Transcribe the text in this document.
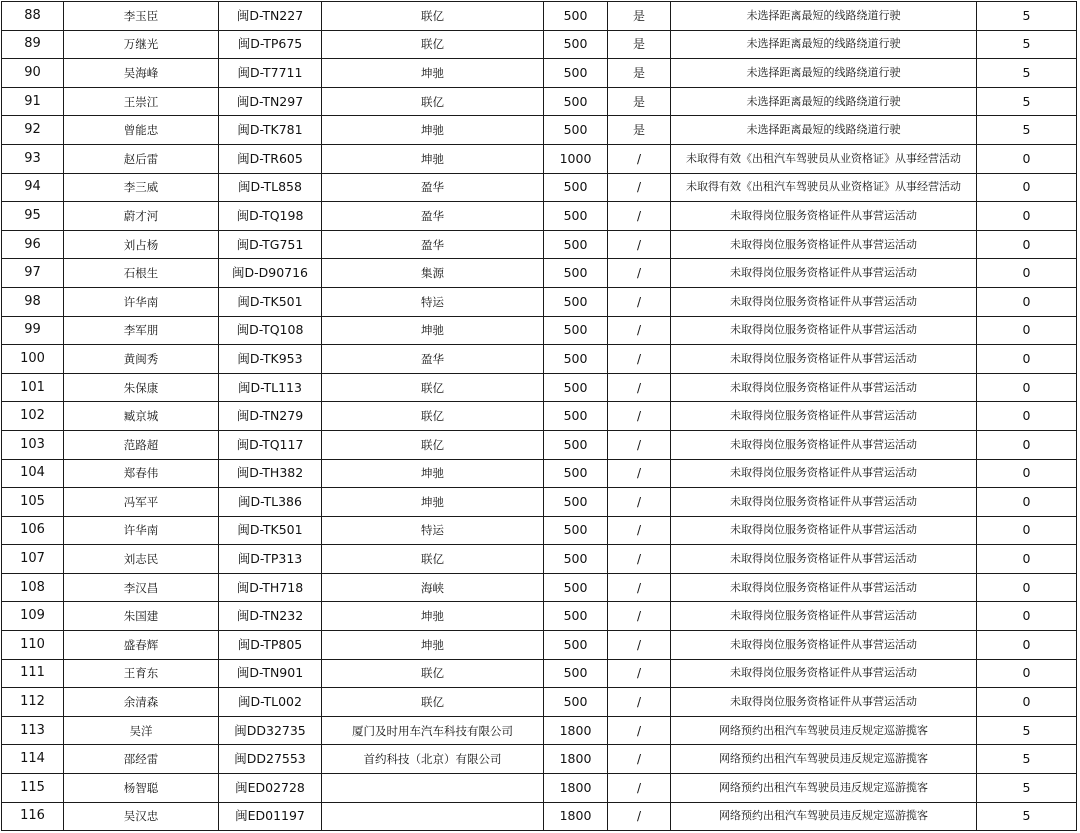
88	李玉臣	闽D-TN227	联亿	500	是	未选择距离最短的线路绕道行驶	5
89	万继光	闽D-TP675	联亿	500	是	未选择距离最短的线路绕道行驶	5
90	吴海峰	闽D-T7711	坤驰	500	是	未选择距离最短的线路绕道行驶	5
91	王崇江	闽D-TN297	联亿	500	是	未选择距离最短的线路绕道行驶	5
92	曾能忠	闽D-TK781	坤驰	500	是	未选择距离最短的线路绕道行驶	5
93	赵后雷	闽D-TR605	坤驰	1000	/	未取得有效《出租汽车驾驶员从业资格证》从事经营活动	0
94	李三威	闽D-TL858	盈华	500	/	未取得有效《出租汽车驾驶员从业资格证》从事经营活动	0
95	蔚才河	闽D-TQ198	盈华	500	/	未取得岗位服务资格证件从事营运活动	0
96	刘占杨	闽D-TG751	盈华	500	/	未取得岗位服务资格证件从事营运活动	0
97	石根生	闽D-D90716	集源	500	/	未取得岗位服务资格证件从事营运活动	0
98	许华南	闽D-TK501	特运	500	/	未取得岗位服务资格证件从事营运活动	0
99	李军朋	闽D-TQ108	坤驰	500	/	未取得岗位服务资格证件从事营运活动	0
100	黄闽秀	闽D-TK953	盈华	500	/	未取得岗位服务资格证件从事营运活动	0
101	朱保康	闽D-TL113	联亿	500	/	未取得岗位服务资格证件从事营运活动	0
102	臧京城	闽D-TN279	联亿	500	/	未取得岗位服务资格证件从事营运活动	0
103	范路超	闽D-TQ117	联亿	500	/	未取得岗位服务资格证件从事营运活动	0
104	郑春伟	闽D-TH382	坤驰	500	/	未取得岗位服务资格证件从事营运活动	0
105	冯军平	闽D-TL386	坤驰	500	/	未取得岗位服务资格证件从事营运活动	0
106	许华南	闽D-TK501	特运	500	/	未取得岗位服务资格证件从事营运活动	0
107	刘志民	闽D-TP313	联亿	500	/	未取得岗位服务资格证件从事营运活动	0
108	李汉昌	闽D-TH718	海峡	500	/	未取得岗位服务资格证件从事营运活动	0
109	朱国建	闽D-TN232	坤驰	500	/	未取得岗位服务资格证件从事营运活动	0
110	盛春辉	闽D-TP805	坤驰	500	/	未取得岗位服务资格证件从事营运活动	0
111	王育东	闽D-TN901	联亿	500	/	未取得岗位服务资格证件从事营运活动	0
112	余清森	闽D-TL002	联亿	500	/	未取得岗位服务资格证件从事营运活动	0
113	吴洋	闽DD32735	厦门及时用车汽车科技有限公司	1800	/	网络预约出租汽车驾驶员违反规定巡游揽客	5
114	邵经雷	闽DD27553	首约科技（北京）有限公司	1800	/	网络预约出租汽车驾驶员违反规定巡游揽客	5
115	杨智聪	闽ED02728		1800	/	网络预约出租汽车驾驶员违反规定巡游揽客	5
116	吴汉忠	闽ED01197		1800	/	网络预约出租汽车驾驶员违反规定巡游揽客	5
